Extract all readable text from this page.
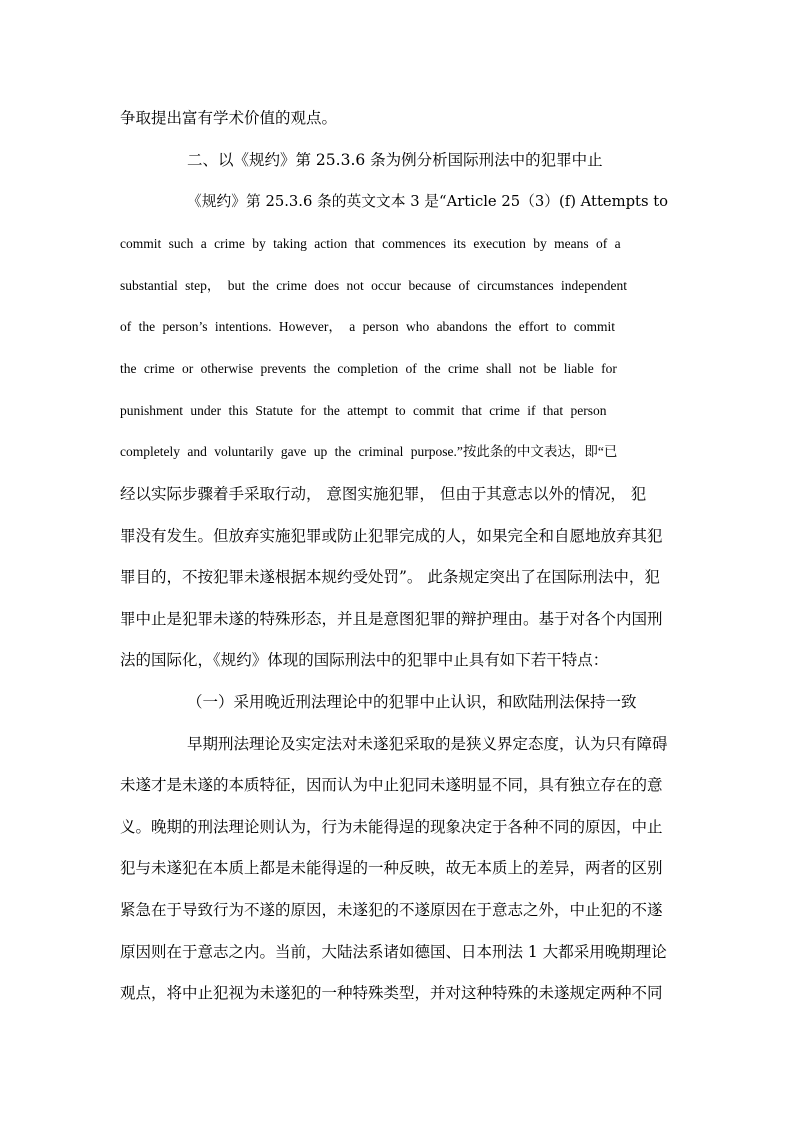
争取提出富有学术价值的观点。
二、以《规约》第 25.3.6 条为例分析国际刑法中的犯罪中止
《规约》第 25.3.6 条的英文文本 3 是“Article 25（3）(f) Attempts to
commit such a crime by taking action that commences its execution by means of a
substantial step， but the crime does not occur because of circumstances independent
of the person’s intentions. However， a person who abandons the effort to commit
the crime or otherwise prevents the completion of the crime shall not be liable for
punishment under this Statute for the attempt to commit that crime if that person
completely and voluntarily gave up the criminal purpose.”按此条的中文表达，即“已
经以实际步骤着手采取行动， 意图实施犯罪， 但由于其意志以外的情况， 犯
罪没有发生。但放弃实施犯罪或防止犯罪完成的人，如果完全和自愿地放弃其犯
罪目的，不按犯罪未遂根据本规约受处罚”。 此条规定突出了在国际刑法中，犯
罪中止是犯罪未遂的特殊形态，并且是意图犯罪的辩护理由。基于对各个内国刑
法的国际化，《规约》体现的国际刑法中的犯罪中止具有如下若干特点：
（一）采用晚近刑法理论中的犯罪中止认识，和欧陆刑法保持一致
早期刑法理论及实定法对未遂犯采取的是狭义界定态度，认为只有障碍
未遂才是未遂的本质特征，因而认为中止犯同未遂明显不同，具有独立存在的意
义。晚期的刑法理论则认为，行为未能得逞的现象决定于各种不同的原因，中止
犯与未遂犯在本质上都是未能得逞的一种反映，故无本质上的差异，两者的区别
紧急在于导致行为不遂的原因，未遂犯的不遂原因在于意志之外，中止犯的不遂
原因则在于意志之内。当前，大陆法系诸如德国、日本刑法 1 大都采用晚期理论
观点，将中止犯视为未遂犯的一种特殊类型，并对这种特殊的未遂规定两种不同
